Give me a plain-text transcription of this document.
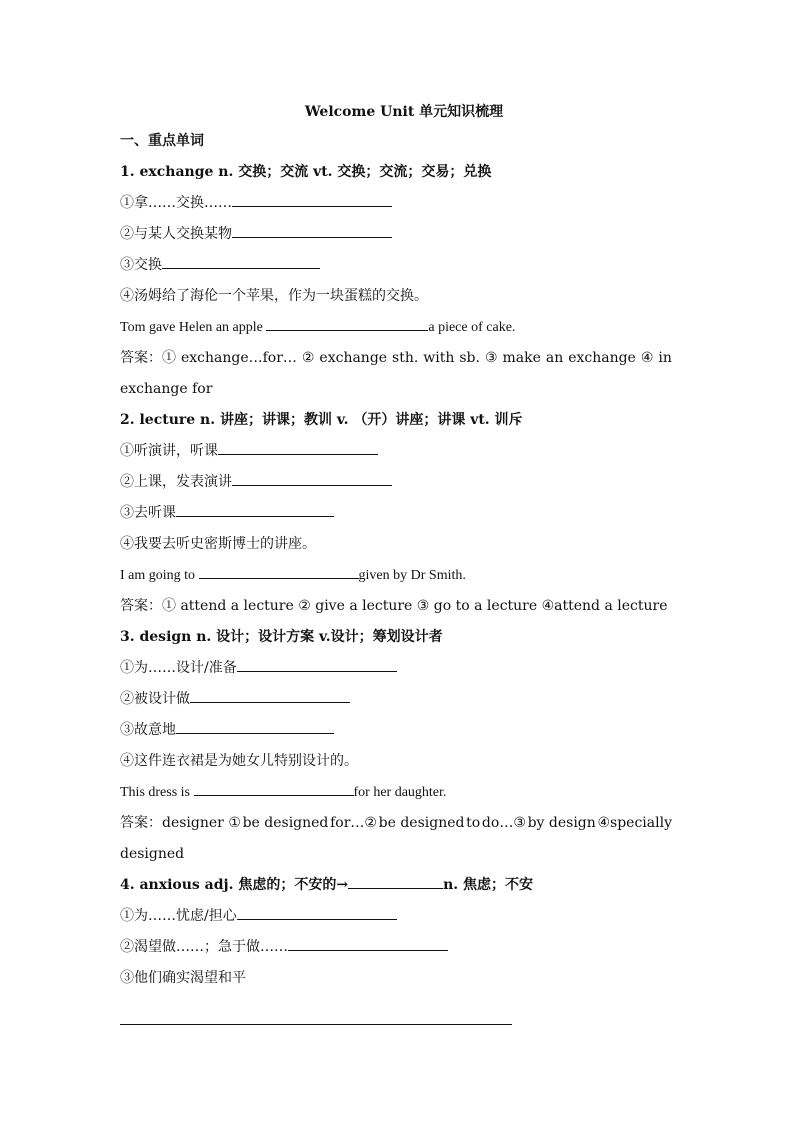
Welcome Unit 单元知识梳理
一、重点单词
1. exchange n. 交换；交流 vt. 交换；交流；交易；兑换
①拿……交换……
②与某人交换某物
③交换
④汤姆给了海伦一个苹果，作为一块蛋糕的交换。
Tom gave Helen an apple	a piece of cake.
答案：① exchange…for… ② exchange sth. with sb. ③ make an exchange ④ in
exchange for
2. lecture n. 讲座；讲课；教训 v. （开）讲座；讲课 vt. 训斥
①听演讲，听课
②上课，发表演讲
③去听课
④我要去听史密斯博士的讲座。
I am going to	given by Dr Smith.
答案：① attend a lecture ② give a lecture ③ go to a lecture ④attend a lecture
3. design n. 设计；设计方案 v.设计；筹划设计者
①为……设计/准备
②被设计做
③故意地
④这件连衣裙是为她女儿特别设计的。
This dress is	for her daughter.
答案：designer ① be designed for…② be designed to do…③ by design ④specially
designed
4. anxious adj. 焦虑的；不安的→	n. 焦虑；不安
①为……忧虑/担心
②渴望做……；急于做……
③他们确实渴望和平
